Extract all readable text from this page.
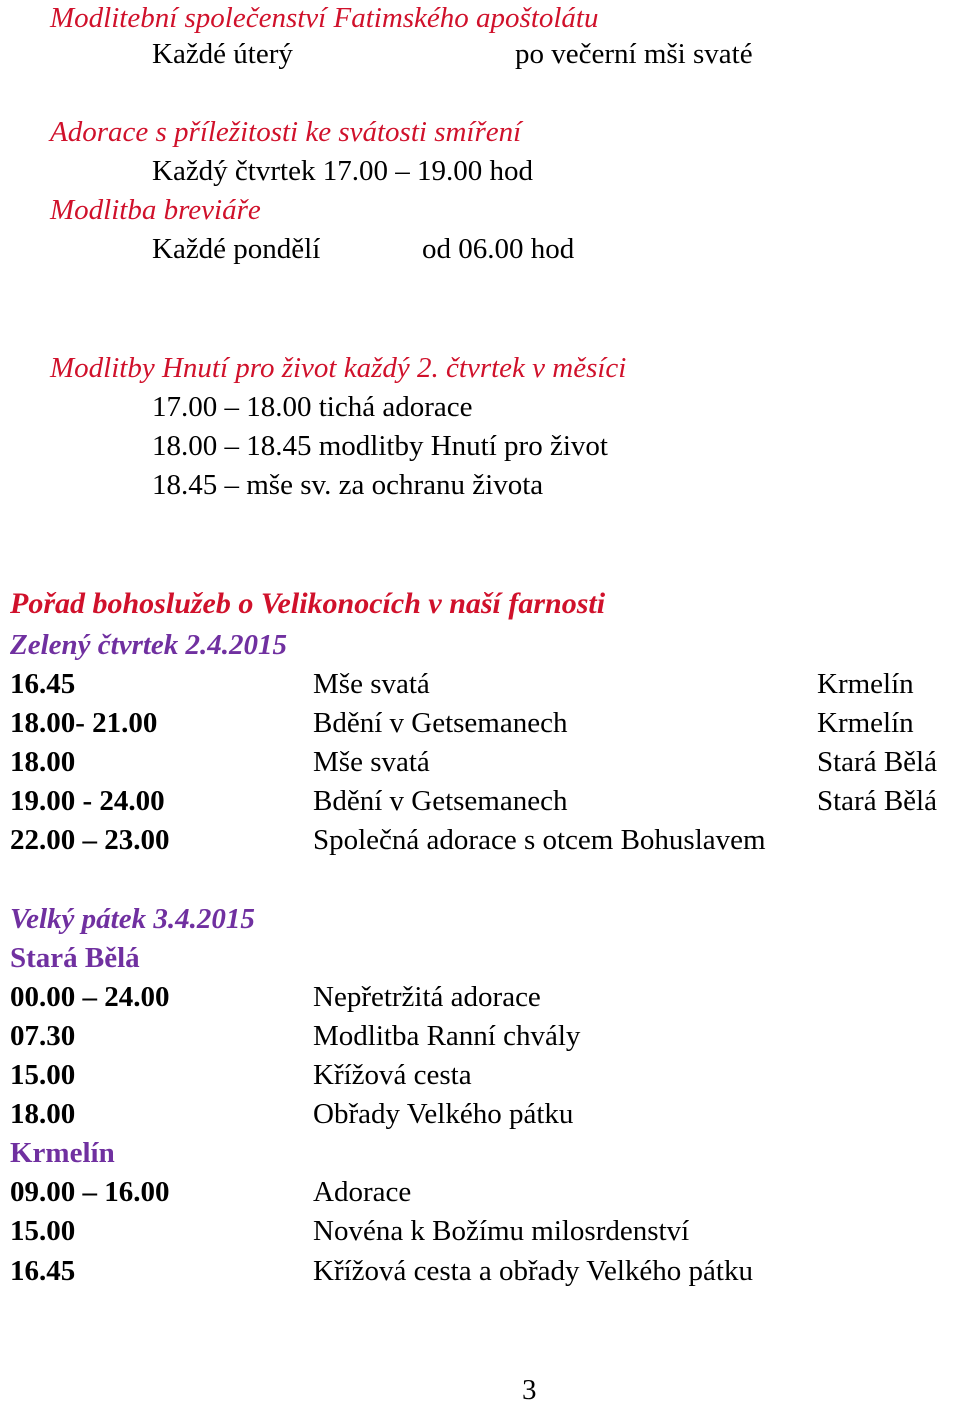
Modlitební společenství Fatimského apoštolátu
Každé úterý	po večerní mši svaté
Adorace s příležitosti ke svátosti smíření
Každý čtvrtek 17.00 – 19.00 hod
Modlitba breviáře
Každé pondělí	od 06.00 hod
Modlitby Hnutí pro život každý 2. čtvrtek v měsíci
17.00 – 18.00 tichá adorace
18.00 – 18.45 modlitby Hnutí pro život
18.45 – mše sv. za ochranu života
Pořad bohoslužeb o Velikonocích v naší farnosti
Zelený čtvrtek 2.4.2015
16.45	Mše svatá	Krmelín
18.00- 21.00	Bdění v Getsemanech	Krmelín
18.00	Mše svatá	Stará Bělá
19.00 - 24.00	Bdění v Getsemanech	Stará Bělá
22.00 – 23.00	Společná adorace s otcem Bohuslavem
Velký pátek 3.4.2015
Stará Bělá
00.00 – 24.00	Nepřetržitá adorace
07.30	Modlitba Ranní chvály
15.00	Křížová cesta
18.00	Obřady Velkého pátku
Krmelín
09.00 – 16.00	Adorace
15.00	Novéna k Božímu milosrdenství
16.45	Křížová cesta a obřady Velkého pátku
3
